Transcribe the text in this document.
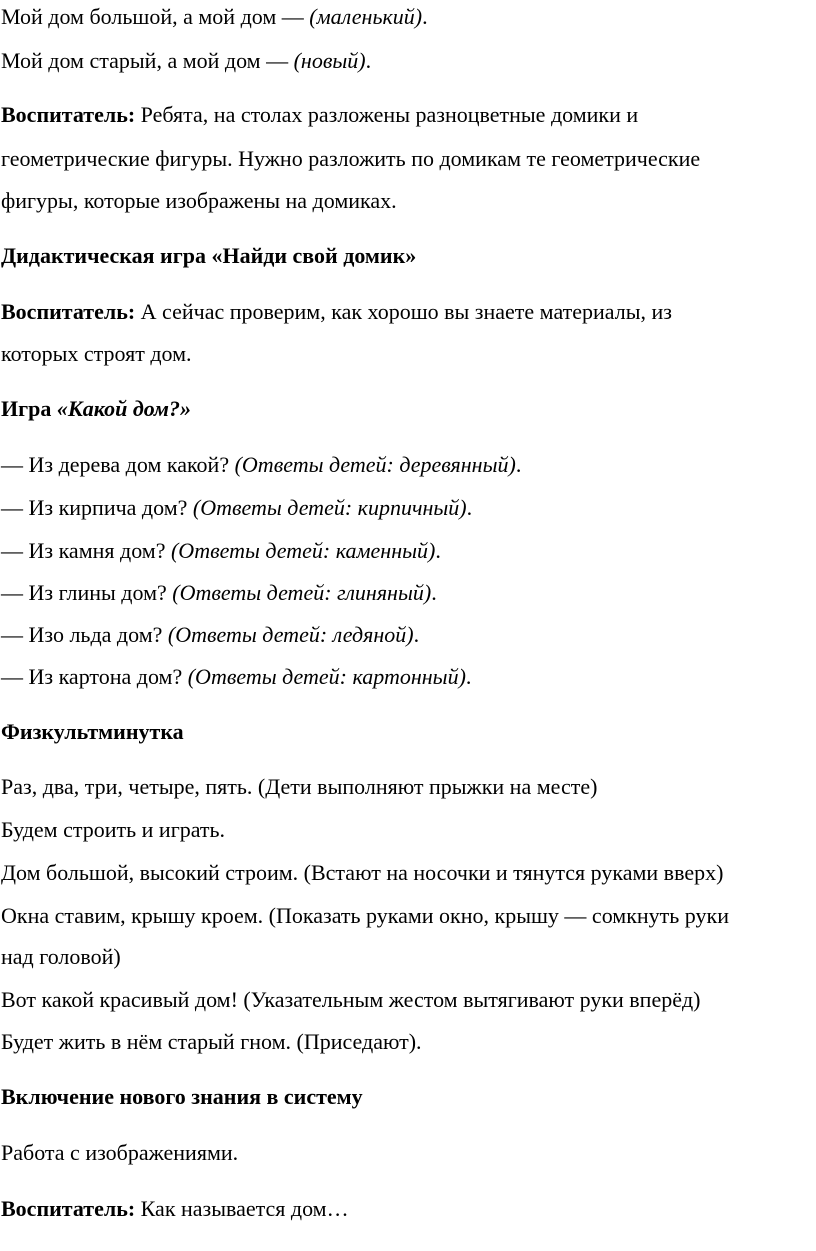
Мой дом большой, а мой дом — (маленький).
Мой дом старый, а мой дом — (новый).
Воспитатель: Ребята, на столах разложены разноцветные домики и
геометрические фигуры. Нужно разложить по домикам те геометрические
фигуры, которые изображены на домиках.
Дидактическая игра «Найди свой домик»
Воспитатель: А сейчас проверим, как хорошо вы знаете материалы, из
которых строят дом.
Игра «Какой дом?»
— Из дерева дом какой? (Ответы детей: деревянный).
— Из кирпича дом? (Ответы детей: кирпичный).
— Из камня дом? (Ответы детей: каменный).
— Из глины дом? (Ответы детей: глиняный).
— Изо льда дом? (Ответы детей: ледяной).
— Из картона дом? (Ответы детей: картонный).
Физкультминутка
Раз, два, три, четыре, пять. (Дети выполняют прыжки на месте)
Будем строить и играть.
Дом большой, высокий строим. (Встают на носочки и тянутся руками вверх)
Окна ставим, крышу кроем. (Показать руками окно, крышу — сомкнуть руки
над головой)
Вот какой красивый дом! (Указательным жестом вытягивают руки вперёд)
Будет жить в нём старый гном. (Приседают).
Включение нового знания в систему
Работа с изображениями.
Воспитатель: Как называется дом…
